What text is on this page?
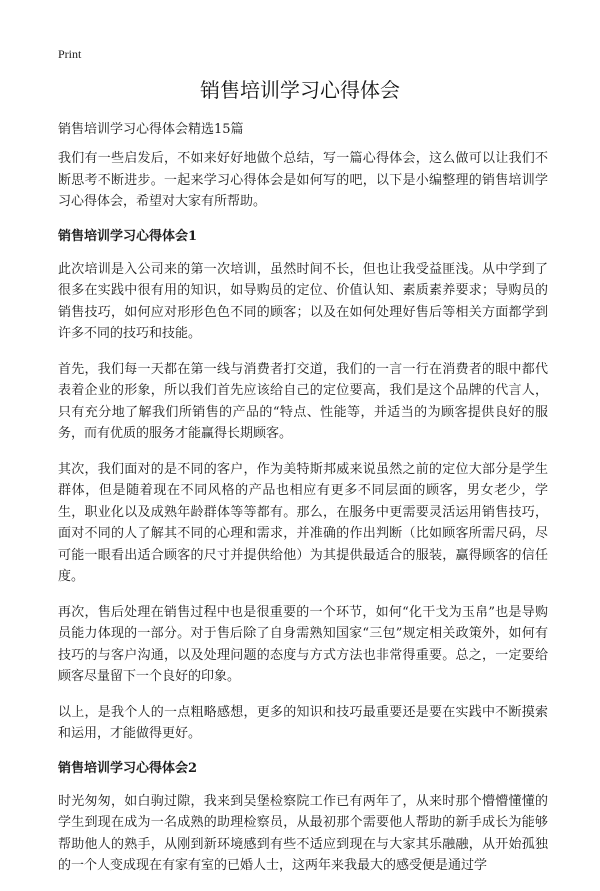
Print
销售培训学习心得体会

销售培训学习心得体会精选15篇

我们有一些启发后，不如来好好地做个总结，写一篇心得体会，这么做可以让我们不断思考不断进步。一起来学习心得体会是如何写的吧，以下是小编整理的销售培训学习心得体会，希望对大家有所帮助。

销售培训学习心得体会1

此次培训是入公司来的第一次培训，虽然时间不长，但也让我受益匪浅。从中学到了很多在实践中很有用的知识，如导购员的定位、价值认知、素质素养要求；导购员的销售技巧，如何应对形形色色不同的顾客；以及在如何处理好售后等相关方面都学到许多不同的技巧和技能。

首先，我们每一天都在第一线与消费者打交道，我们的一言一行在消费者的眼中都代表着企业的形象，所以我们首先应该给自己的定位要高，我们是这个品牌的代言人，只有充分地了解我们所销售的产品的“特点、性能等，并适当的为顾客提供良好的服务，而有优质的服务才能赢得长期顾客。

其次，我们面对的是不同的客户，作为美特斯邦威来说虽然之前的定位大部分是学生群体，但是随着现在不同风格的产品也相应有更多不同层面的顾客，男女老少，学生，职业化以及成熟年龄群体等等都有。那么，在服务中更需要灵活运用销售技巧，面对不同的人了解其不同的心理和需求，并准确的作出判断（比如顾客所需尺码，尽可能一眼看出适合顾客的尺寸并提供给他）为其提供最适合的服装，赢得顾客的信任度。

再次，售后处理在销售过程中也是很重要的一个环节，如何“化干戈为玉帛”也是导购员能力体现的一部分。对于售后除了自身需熟知国家“三包”规定相关政策外，如何有技巧的与客户沟通，以及处理问题的态度与方式方法也非常得重要。总之，一定要给顾客尽量留下一个良好的印象。

以上，是我个人的一点粗略感想，更多的知识和技巧最重要还是要在实践中不断摸索和运用，才能做得更好。

销售培训学习心得体会2

时光匆匆，如白驹过隙，我来到吴堡检察院工作已有两年了，从来时那个懵懵懂懂的学生到现在成为一名成熟的助理检察员，从最初那个需要他人帮助的新手成长为能够帮助他人的熟手，从刚到新环境感到有些不适应到现在与大家其乐融融，从开始孤独的一个人变成现在有家有室的已婚人士，这两年来我最大的感受便是通过学
